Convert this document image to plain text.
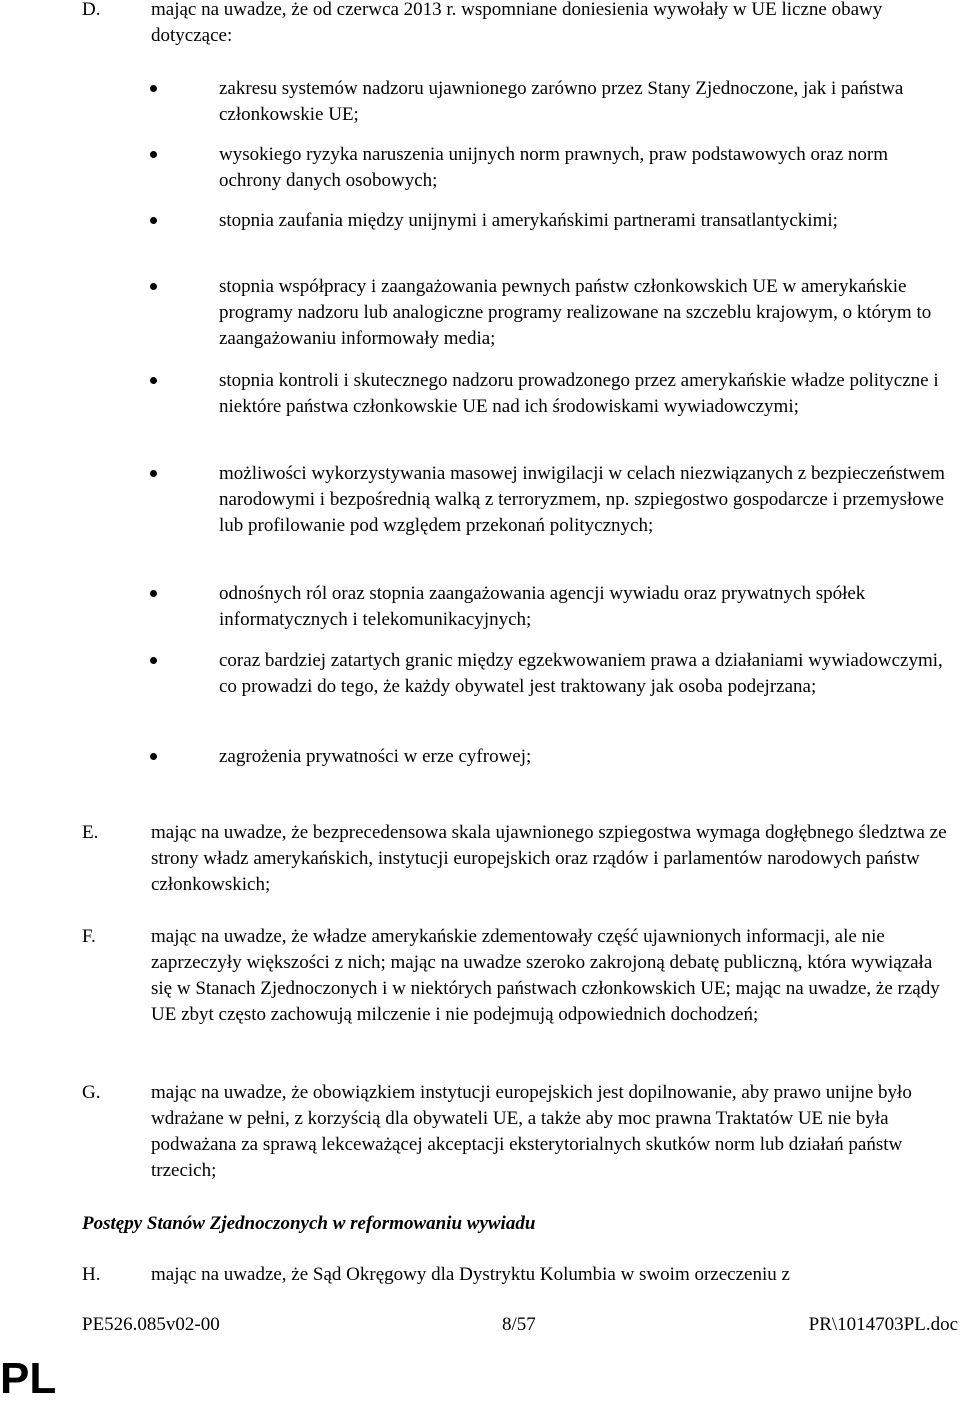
D.	mając na uwadze, że od czerwca 2013 r. wspomniane doniesienia wywołały w UE liczne obawy dotyczące:
zakresu systemów nadzoru ujawnionego zarówno przez Stany Zjednoczone, jak i państwa członkowskie UE;
wysokiego ryzyka naruszenia unijnych norm prawnych, praw podstawowych oraz norm ochrony danych osobowych;
stopnia zaufania między unijnymi i amerykańskimi partnerami transatlantyckimi;
stopnia współpracy i zaangażowania pewnych państw członkowskich UE w amerykańskie programy nadzoru lub analogiczne programy realizowane na szczeblu krajowym, o którym to zaangażowaniu informowały media;
stopnia kontroli i skutecznego nadzoru prowadzonego przez amerykańskie władze polityczne i niektóre państwa członkowskie UE nad ich środowiskami wywiadowczymi;
możliwości wykorzystywania masowej inwigilacji w celach niezwiązanych z bezpieczeństwem narodowymi i bezpośrednią walką z terroryzmem, np. szpiegostwo gospodarcze i przemysłowe lub profilowanie pod względem przekonań politycznych;
odnośnych ról oraz stopnia zaangażowania agencji wywiadu oraz prywatnych spółek informatycznych i telekomunikacyjnych;
coraz bardziej zatartych granic między egzekwowaniem prawa a działaniami wywiadowczymi, co prowadzi do tego, że każdy obywatel jest traktowany jak osoba podejrzana;
zagrożenia prywatności w erze cyfrowej;
E.	mając na uwadze, że bezprecedensowa skala ujawnionego szpiegostwa wymaga dogłębnego śledztwa ze strony władz amerykańskich, instytucji europejskich oraz rządów i parlamentów narodowych państw członkowskich;
F.	mając na uwadze, że władze amerykańskie zdementowały część ujawnionych informacji, ale nie zaprzeczyły większości z nich; mając na uwadze szeroko zakrojoną debatę publiczną, która wywiązała się w Stanach Zjednoczonych i w niektórych państwach członkowskich UE; mając na uwadze, że rządy UE zbyt często zachowują milczenie i nie podejmują odpowiednich dochodzeń;
G.	mając na uwadze, że obowiązkiem instytucji europejskich jest dopilnowanie, aby prawo unijne było wdrażane w pełni, z korzyścią dla obywateli UE, a także aby moc prawna Traktatów UE nie była podważana za sprawą lekceważącej akceptacji eksterytorialnych skutków norm lub działań państw trzecich;
Postępy Stanów Zjednoczonych w reformowaniu wywiadu
H.	mając na uwadze, że Sąd Okręgowy dla Dystryktu Kolumbia w swoim orzeczeniu z
PE526.085v02-00	8/57	PR\1014703PL.doc
PL
